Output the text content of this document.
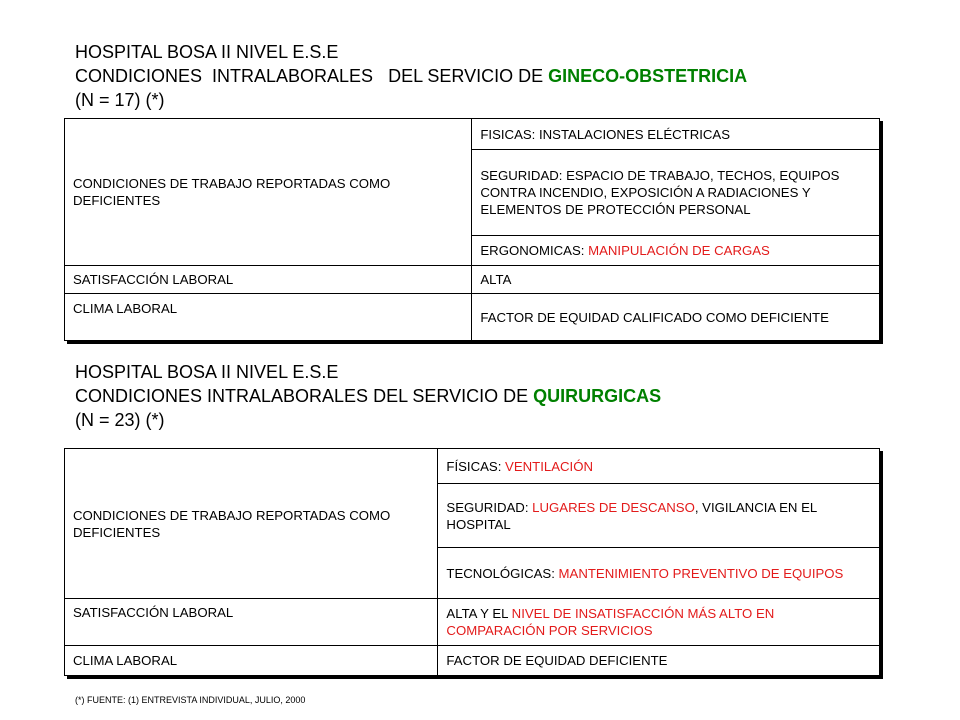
HOSPITAL BOSA II NIVEL E.S.E
CONDICIONES  INTRALABORALES   DEL SERVICIO DE GINECO-OBSTETRICIA
(N = 17) (*)
CONDICIONES DE TRABAJO REPORTADAS COMO DEFICIENTES	FISICAS: INSTALACIONES ELÉCTRICAS
	SEGURIDAD: ESPACIO DE TRABAJO, TECHOS, EQUIPOS CONTRA INCENDIO, EXPOSICIÓN A RADIACIONES Y ELEMENTOS DE PROTECCIÓN PERSONAL
	ERGONOMICAS: MANIPULACIÓN DE CARGAS
SATISFACCIÓN LABORAL	ALTA
CLIMA LABORAL	FACTOR DE EQUIDAD CALIFICADO COMO DEFICIENTE
HOSPITAL BOSA II NIVEL E.S.E
CONDICIONES INTRALABORALES DEL SERVICIO DE QUIRURGICAS
(N = 23) (*)
CONDICIONES DE TRABAJO REPORTADAS COMO DEFICIENTES	FÍSICAS: VENTILACIÓN
	SEGURIDAD: LUGARES DE DESCANSO, VIGILANCIA EN EL HOSPITAL
	TECNOLÓGICAS: MANTENIMIENTO PREVENTIVO DE EQUIPOS
SATISFACCIÓN LABORAL	ALTA Y EL NIVEL DE INSATISFACCIÓN MÁS ALTO EN COMPARACIÓN POR SERVICIOS
CLIMA LABORAL	FACTOR DE EQUIDAD DEFICIENTE
(*) FUENTE: (1) ENTREVISTA INDIVIDUAL, JULIO, 2000
